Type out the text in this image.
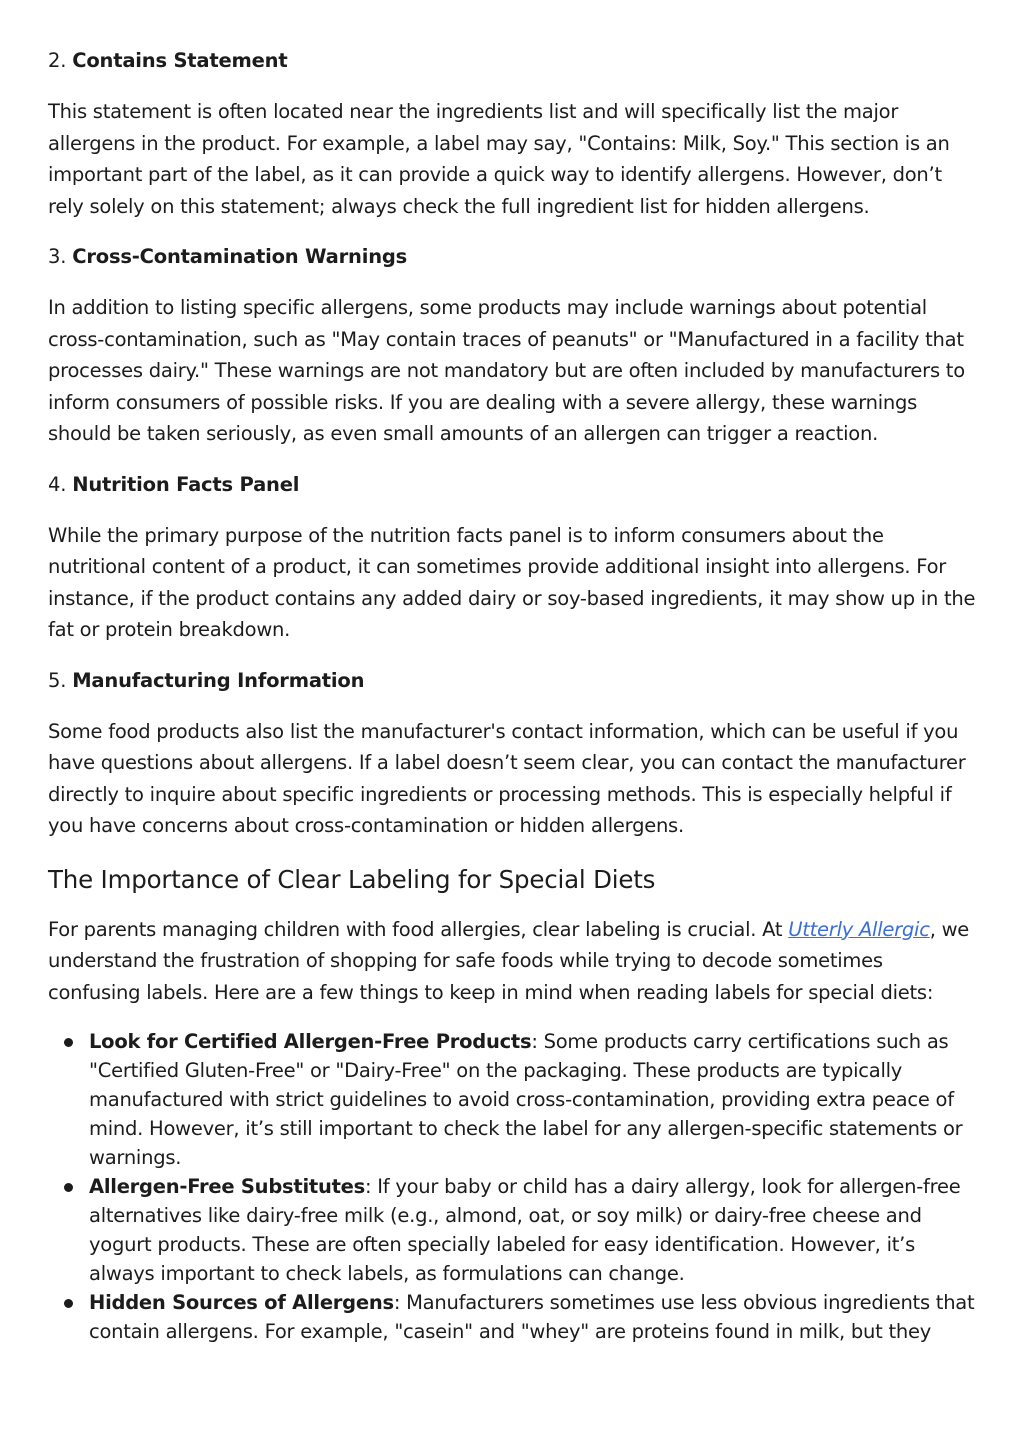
2. Contains Statement

This statement is often located near the ingredients list and will specifically list the major allergens in the product. For example, a label may say, "Contains: Milk, Soy." This section is an important part of the label, as it can provide a quick way to identify allergens. However, don’t rely solely on this statement; always check the full ingredient list for hidden allergens.

3. Cross-Contamination Warnings

In addition to listing specific allergens, some products may include warnings about potential cross-contamination, such as "May contain traces of peanuts" or "Manufactured in a facility that processes dairy." These warnings are not mandatory but are often included by manufacturers to inform consumers of possible risks. If you are dealing with a severe allergy, these warnings should be taken seriously, as even small amounts of an allergen can trigger a reaction.

4. Nutrition Facts Panel

While the primary purpose of the nutrition facts panel is to inform consumers about the nutritional content of a product, it can sometimes provide additional insight into allergens. For instance, if the product contains any added dairy or soy-based ingredients, it may show up in the fat or protein breakdown.

5. Manufacturing Information

Some food products also list the manufacturer's contact information, which can be useful if you have questions about allergens. If a label doesn’t seem clear, you can contact the manufacturer directly to inquire about specific ingredients or processing methods. This is especially helpful if you have concerns about cross-contamination or hidden allergens.

The Importance of Clear Labeling for Special Diets

For parents managing children with food allergies, clear labeling is crucial. At Utterly Allergic, we understand the frustration of shopping for safe foods while trying to decode sometimes confusing labels. Here are a few things to keep in mind when reading labels for special diets:

Look for Certified Allergen-Free Products: Some products carry certifications such as "Certified Gluten-Free" or "Dairy-Free" on the packaging. These products are typically manufactured with strict guidelines to avoid cross-contamination, providing extra peace of mind. However, it’s still important to check the label for any allergen-specific statements or warnings.
Allergen-Free Substitutes: If your baby or child has a dairy allergy, look for allergen-free alternatives like dairy-free milk (e.g., almond, oat, or soy milk) or dairy-free cheese and yogurt products. These are often specially labeled for easy identification. However, it’s always important to check labels, as formulations can change.
Hidden Sources of Allergens: Manufacturers sometimes use less obvious ingredients that contain allergens. For example, "casein" and "whey" are proteins found in milk, but they
